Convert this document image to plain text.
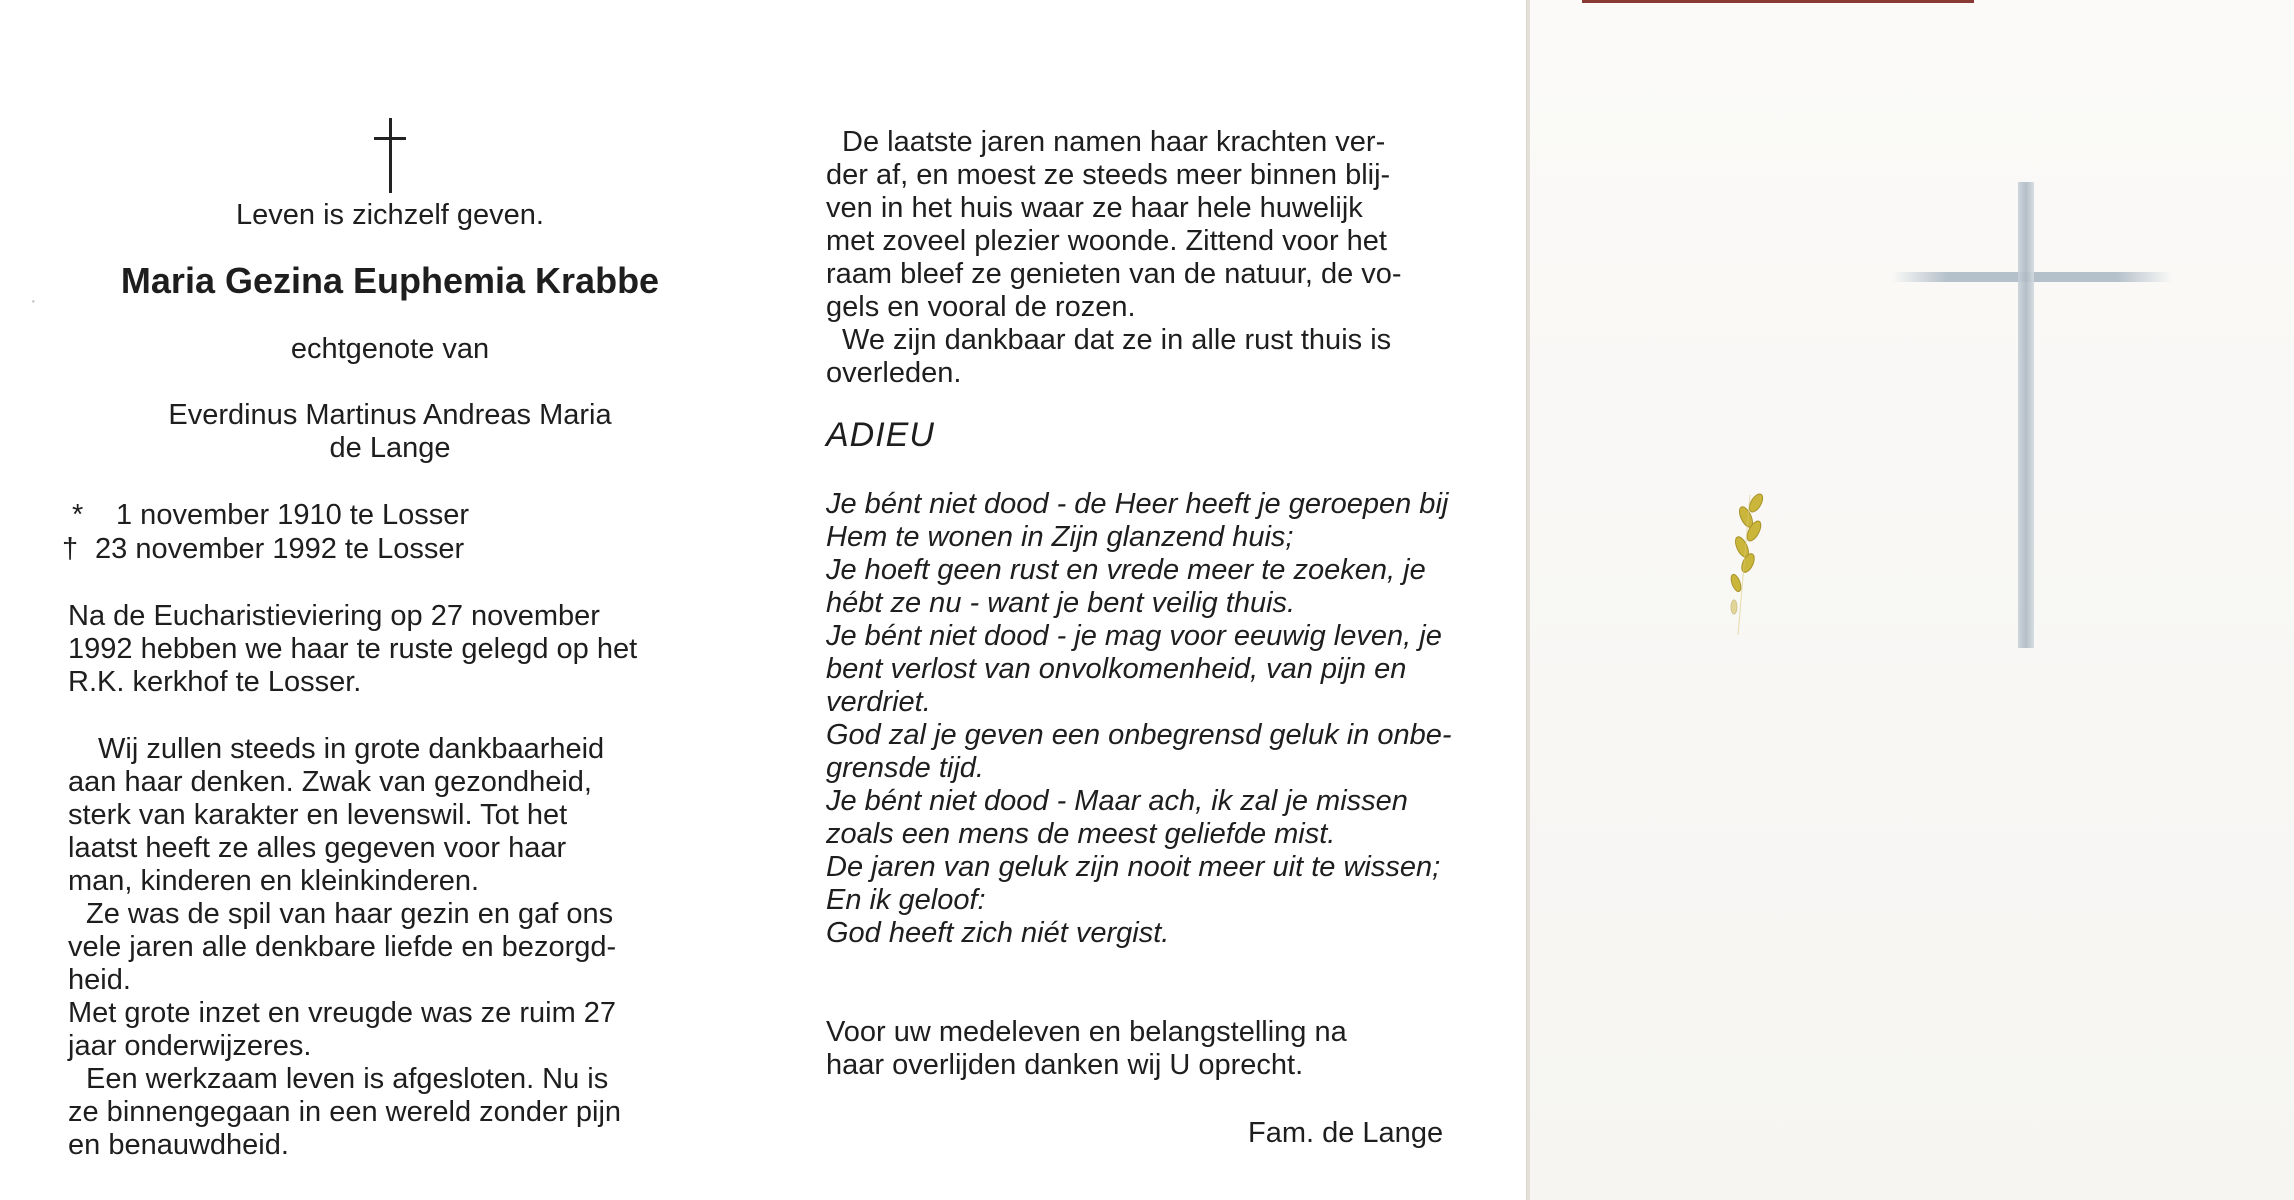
Leven is zichzelf geven.
Maria Gezina Euphemia Krabbe
echtgenote van
Everdinus Martinus Andreas Maria
de Lange
* 1 november 1910 te Losser
† 23 november 1992 te Losser
Na de Eucharistieviering op 27 november
1992 hebben we haar te ruste gelegd op het
R.K. kerkhof te Losser.
Wij zullen steeds in grote dankbaarheid
aan haar denken. Zwak van gezondheid,
sterk van karakter en levenswil. Tot het
laatst heeft ze alles gegeven voor haar
man, kinderen en kleinkinderen.
Ze was de spil van haar gezin en gaf ons
vele jaren alle denkbare liefde en bezorgd-
heid.
Met grote inzet en vreugde was ze ruim 27
jaar onderwijzeres.
Een werkzaam leven is afgesloten. Nu is
ze binnengegaan in een wereld zonder pijn
en benauwdheid.
·
De laatste jaren namen haar krachten ver-
der af, en moest ze steeds meer binnen blij-
ven in het huis waar ze haar hele huwelijk
met zoveel plezier woonde. Zittend voor het
raam bleef ze genieten van de natuur, de vo-
gels en vooral de rozen.
We zijn dankbaar dat ze in alle rust thuis is
overleden.
ADIEU
Je bént niet dood - de Heer heeft je geroepen bij
Hem te wonen in Zijn glanzend huis;
Je hoeft geen rust en vrede meer te zoeken, je
hébt ze nu - want je bent veilig thuis.
Je bént niet dood - je mag voor eeuwig leven, je
bent verlost van onvolkomenheid, van pijn en
verdriet.
God zal je geven een onbegrensd geluk in onbe-
grensde tijd.
Je bént niet dood - Maar ach, ik zal je missen
zoals een mens de meest geliefde mist.
De jaren van geluk zijn nooit meer uit te wissen;
En ik geloof:
God heeft zich niét vergist.
Voor uw medeleven en belangstelling na
haar overlijden danken wij U oprecht.
Fam. de Lange
